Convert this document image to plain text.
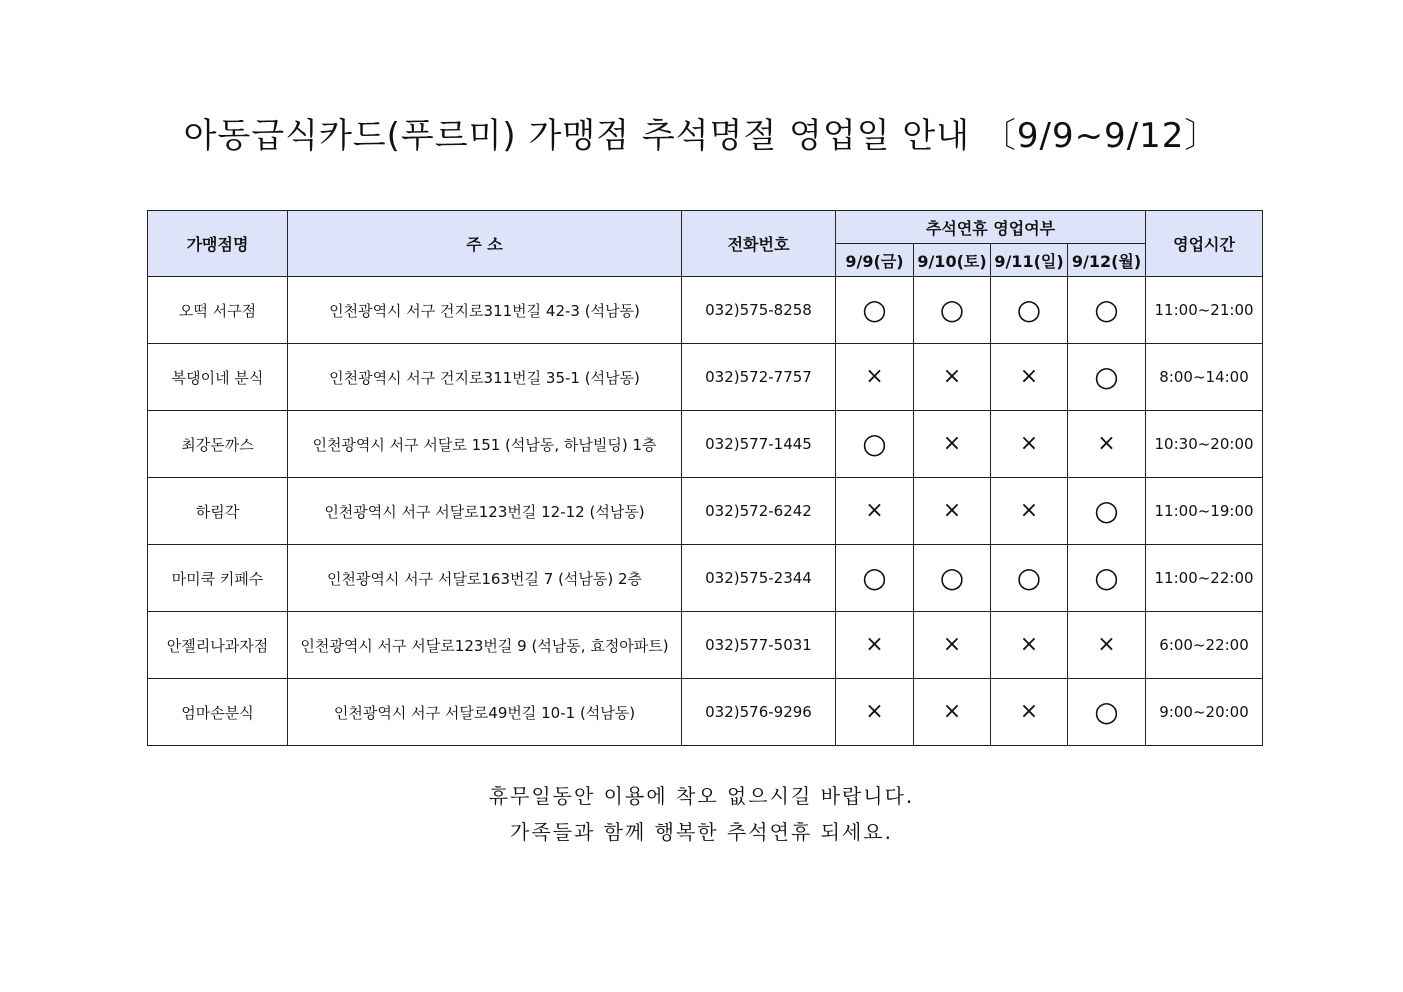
아동급식카드(푸르미) 가맹점 추석명절 영업일 안내 〔9/9~9/12〕
가맹점명	주 소	전화번호	추석연휴 영업여부				영업시간
			9/9(금)	9/10(토)	9/11(일)	9/12(월)	
오떡 서구점	인천광역시 서구 건지로311번길 42-3 (석남동)	032)575-8258	○	○	○	○	11:00~21:00
복댕이네 분식	인천광역시 서구 건지로311번길 35-1 (석남동)	032)572-7757	×	×	×	○	8:00~14:00
최강돈까스	인천광역시 서구 서달로 151 (석남동, 하남빌딩) 1층	032)577-1445	○	×	×	×	10:30~20:00
하림각	인천광역시 서구 서달로123번길 12-12 (석남동)	032)572-6242	×	×	×	○	11:00~19:00
마미쿡 키페수	인천광역시 서구 서달로163번길 7 (석남동) 2층	032)575-2344	○	○	○	○	11:00~22:00
안젤리나과자점	인천광역시 서구 서달로123번길 9 (석남동, 효정아파트)	032)577-5031	×	×	×	×	6:00~22:00
엄마손분식	인천광역시 서구 서달로49번길 10-1 (석남동)	032)576-9296	×	×	×	○	9:00~20:00
휴무일동안 이용에 착오 없으시길 바랍니다.
가족들과 함께 행복한 추석연휴 되세요.
